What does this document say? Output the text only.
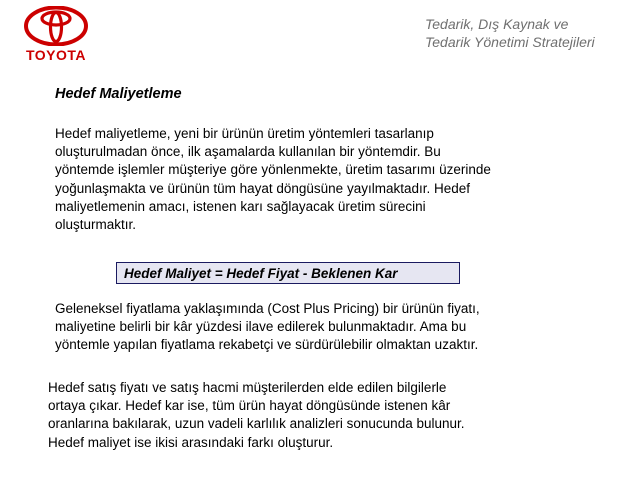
TOYOTA
Tedarik, Dış Kaynak ve
Tedarik Yönetimi Stratejileri
Hedef Maliyetleme
Hedef maliyetleme, yeni bir ürünün üretim yöntemleri tasarlanıp
oluşturulmadan önce, ilk aşamalarda kullanılan bir yöntemdir. Bu
yöntemde işlemler müşteriye göre yönlenmekte, üretim tasarımı üzerinde
yoğunlaşmakta ve ürünün tüm hayat döngüsüne yayılmaktadır. Hedef
maliyetlemenin amacı, istenen karı sağlayacak üretim sürecini
oluşturmaktır.
Hedef Maliyet = Hedef Fiyat - Beklenen Kar
Geleneksel fiyatlama yaklaşımında (Cost Plus Pricing) bir ürünün fiyatı,
maliyetine belirli bir kâr yüzdesi ilave edilerek bulunmaktadır. Ama bu
yöntemle yapılan fiyatlama rekabetçi ve sürdürülebilir olmaktan uzaktır.
Hedef satış fiyatı ve satış hacmi müşterilerden elde edilen bilgilerle
ortaya çıkar. Hedef kar ise, tüm ürün hayat döngüsünde istenen kâr
oranlarına bakılarak, uzun vadeli karlılık analizleri sonucunda bulunur.
Hedef maliyet ise ikisi arasındaki farkı oluşturur.
